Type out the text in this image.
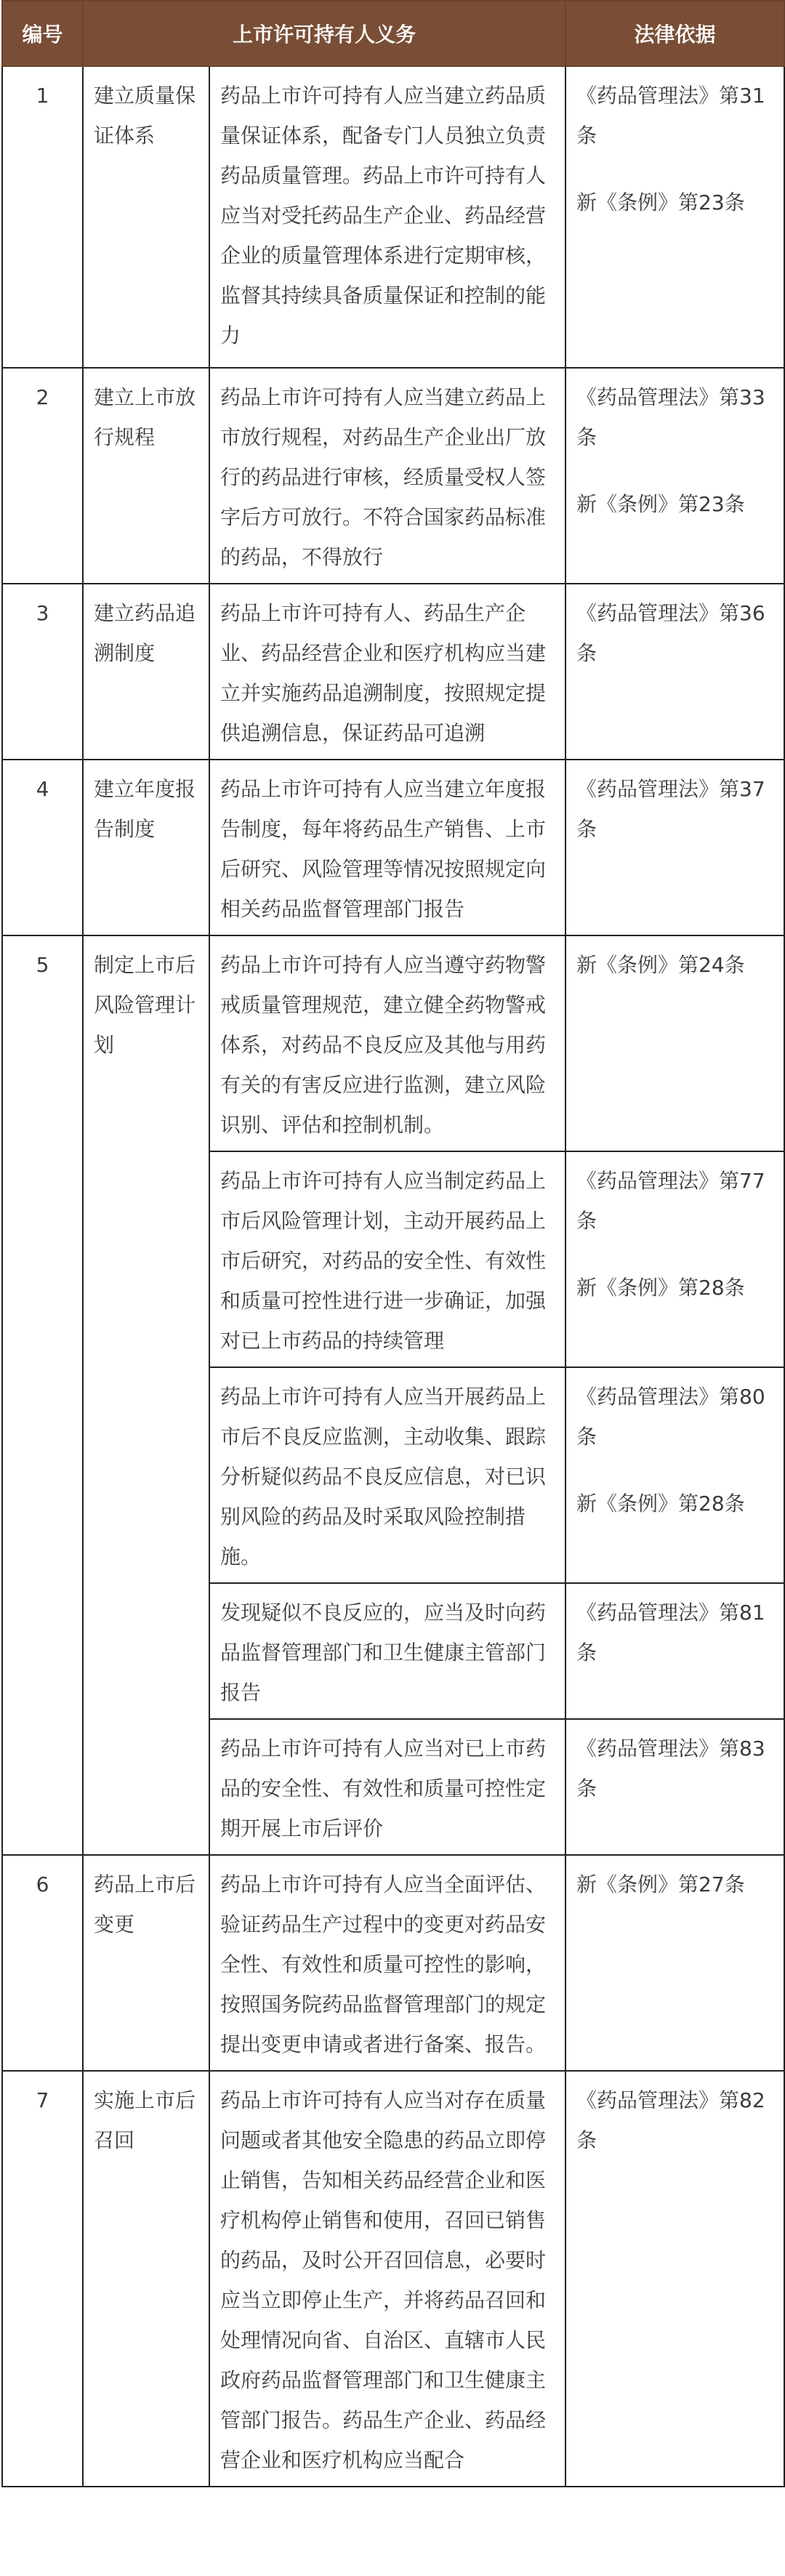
编号	上市许可持有人义务		法律依据
1	建立质量保证体系	药品上市许可持有人应当建立药品质量保证体系，配备专门人员独立负责药品质量管理。药品上市许可持有人应当对受托药品生产企业、药品经营企业的质量管理体系进行定期审核，监督其持续具备质量保证和控制的能力	《药品管理法》第31条

新《条例》第23条

2	建立上市放行规程	药品上市许可持有人应当建立药品上市放行规程，对药品生产企业出厂放行的药品进行审核，经质量受权人签字后方可放行。不符合国家药品标准的药品，不得放行	《药品管理法》第33条

新《条例》第23条

3	建立药品追溯制度	药品上市许可持有人、药品生产企业、药品经营企业和医疗机构应当建立并实施药品追溯制度，按照规定提供追溯信息，保证药品可追溯	《药品管理法》第36条

4	建立年度报告制度	药品上市许可持有人应当建立年度报告制度，每年将药品生产销售、上市后研究、风险管理等情况按照规定向相关药品监督管理部门报告	《药品管理法》第37条

5	制定上市后风险管理计划	药品上市许可持有人应当遵守药物警戒质量管理规范，建立健全药物警戒体系，对药品不良反应及其他与用药有关的有害反应进行监测，建立风险识别、评估和控制机制。	新《条例》第24条

		药品上市许可持有人应当制定药品上市后风险管理计划，主动开展药品上市后研究，对药品的安全性、有效性和质量可控性进行进一步确证，加强对已上市药品的持续管理	《药品管理法》第77条

新《条例》第28条

		药品上市许可持有人应当开展药品上市后不良反应监测，主动收集、跟踪分析疑似药品不良反应信息，对已识别风险的药品及时采取风险控制措施。	《药品管理法》第80条

新《条例》第28条

		发现疑似不良反应的，应当及时向药品监督管理部门和卫生健康主管部门报告	《药品管理法》第81条

		药品上市许可持有人应当对已上市药品的安全性、有效性和质量可控性定期开展上市后评价	《药品管理法》第83条

6	药品上市后变更	药品上市许可持有人应当全面评估、验证药品生产过程中的变更对药品安全性、有效性和质量可控性的影响，按照国务院药品监督管理部门的规定提出变更申请或者进行备案、报告。	新《条例》第27条

7	实施上市后召回	药品上市许可持有人应当对存在质量问题或者其他安全隐患的药品立即停止销售，告知相关药品经营企业和医疗机构停止销售和使用，召回已销售的药品，及时公开召回信息，必要时应当立即停止生产，并将药品召回和处理情况向省、自治区、直辖市人民政府药品监督管理部门和卫生健康主管部门报告。药品生产企业、药品经营企业和医疗机构应当配合	《药品管理法》第82条
